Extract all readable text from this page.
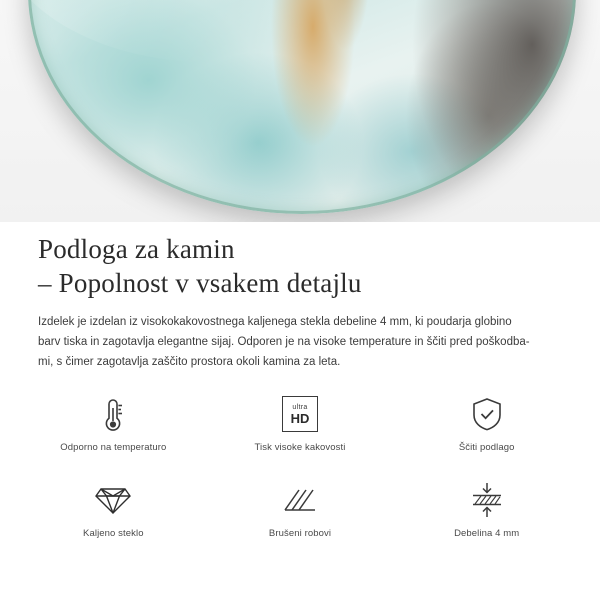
Podloga za kamin
– Popolnost v vsakem detajlu
Izdelek je izdelan iz visokokakovostnega kaljenega stekla debeline 4 mm, ki poudarja globino
barv tiska in zagotavlja elegantne sijaj. Odporen je na visoke temperature in ščiti pred poškodba-
mi, s čimer zagotavlja zaščito prostora okoli kamina za leta.
Odporno na temperaturo
ultra
HD
Tisk visoke kakovosti	Ščiti podlago
Kaljeno steklo	Brušeni robovi	Debelina 4 mm
